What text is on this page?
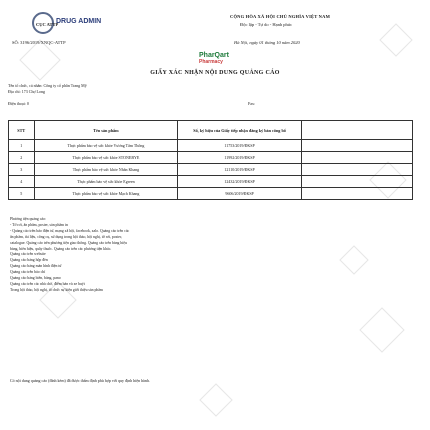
DRUG ADMIN
CỤC ATTP
SỐ: 3196/2019/XNQC-ATTP
CỘNG HÒA XÃ HỘI CHỦ NGHĨA VIỆT NAM
Độc lập - Tự do - Hạnh phúc
Hà Nội, ngày 01 tháng 10 năm 2020
PharQart
Pharmacy
GIẤY XÁC NHẬN NỘI DUNG QUẢNG CÁO
Tên tổ chức, cá nhân: Công ty cổ phần Trang Mỹ
Địa chỉ: 173 Chợ Long
Điện thoại: 0	Fax:
STT	Tên sản phẩm	Số, ký hiệu của Giấy tiếp nhận đăng ký bản công bố	
1	Thực phẩm bảo vệ sức khỏe Vương Tâm Thống	11753/2019/ĐKSP	
2	Thực phẩm bảo vệ sức khỏe STONEBYE	11992/2019/ĐKSP	
3	Thực phẩm bảo vệ sức khỏe Nhân Khang	12110/2019/ĐKSP	
4	Thực phẩm bảo vệ sức khỏe Egreen	12432/2019/ĐKSP	
5	Thực phẩm bảo vệ sức khỏe Mạch Khang	9606/2019/ĐKSP	
Phương tiện quảng cáo:
- Tờ rơi, ấn phẩm, poster, sản phẩm in
- Quảng cáo trên báo điện tử, mạng xã hội, facebook, zalo. Quảng cáo trên các
ấn phẩm, tài liệu, công cụ, sử dụng trong hội thảo, hội nghị, tờ rơi, poster,
catalogue. Quảng cáo trên phương tiện giao thông. Quảng cáo trên bảng hiệu
bảng, biển hiệu, quầy thuốc. Quảng cáo trên các phương tiện khác.
Quảng cáo trên website
Quảng cáo bảng hộp đèn
Quảng cáo bảng màn hình điện tử
Quảng cáo trên báo chí
Quảng cáo bảng biển, băng, pano
Quảng cáo trên các nhà chờ, điểm bán và xe buýt
Trong hội thảo, hội nghị, tổ chức sự kiện giới thiệu sản phẩm
Có nội dung quảng cáo (đính kèm) đã được thẩm định phù hợp với quy định hiện hành.
